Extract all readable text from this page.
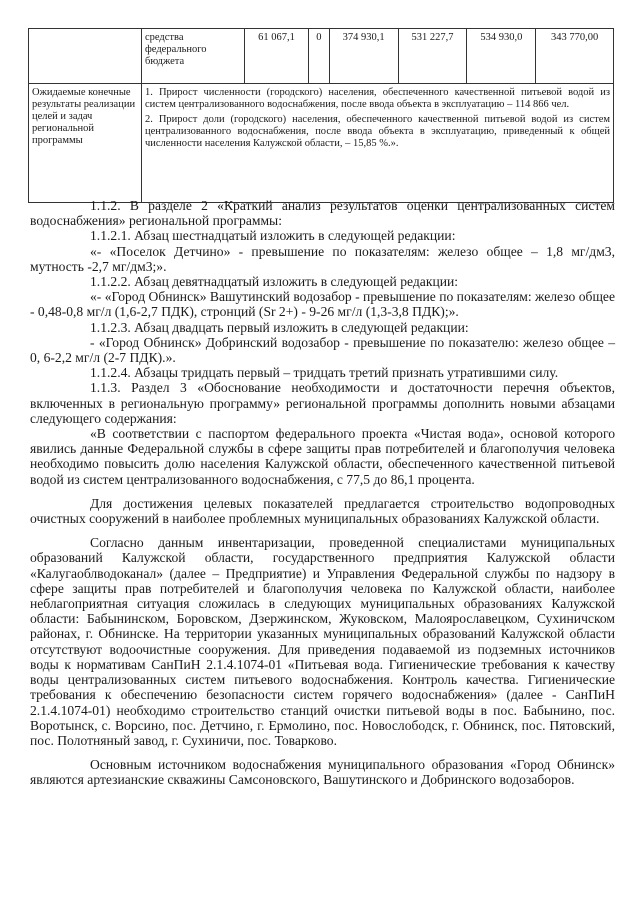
	средства федерального бюджета	61 067,1	0	374 930,1	531 227,7	534 930,0	343 770,00
Ожидаемые конечные результаты реализации целей и задач региональной программы	1. Прирост численности (городского) населения, обеспеченного качественной питьевой водой из систем централизованного водоснабжения, после ввода объекта в эксплуатацию – 114 866 чел.

2. Прирост доли (городского) населения, обеспеченного качественной питьевой водой из систем централизованного водоснабжения, после ввода объекта в эксплуатацию, приведенный к общей численности населения Калужской области, – 15,85 %.».						

1.1.2. В разделе 2 «Краткий анализ результатов оценки централизованных систем водоснабжения» региональной программы:

1.1.2.1. Абзац шестнадцатый изложить в следующей редакции:

«- «Поселок Детчино» - превышение по показателям: железо общее – 1,8 мг/дм3, мутность -2,7 мг/дм3;».

1.1.2.2. Абзац девятнадцатый изложить в следующей редакции:

«- «Город Обнинск» Вашутинский водозабор - превышение по показателям: железо общее - 0,48-0,8 мг/л (1,6-2,7 ПДК), стронций (Sr 2+) - 9-26 мг/л (1,3-3,8 ПДК);».

1.1.2.3. Абзац двадцать первый изложить в следующей редакции:

- «Город Обнинск» Добринский водозабор - превышение по показателю: железо общее – 0, 6-2,2 мг/л (2-7 ПДК).».

1.1.2.4. Абзацы тридцать первый – тридцать третий признать утратившими силу.

1.1.3. Раздел 3 «Обоснование необходимости и достаточности перечня объектов, включенных в региональную программу» региональной программы дополнить новыми абзацами следующего содержания:

«В соответствии с паспортом федерального проекта «Чистая вода», основой которого явились данные Федеральной службы в сфере защиты прав потребителей и благополучия человека необходимо повысить долю населения Калужской области, обеспеченного качественной питьевой водой из систем централизованного водоснабжения, с 77,5 до 86,1 процента.

Для достижения целевых показателей предлагается строительство водопроводных очистных сооружений в наиболее проблемных муниципальных образованиях Калужской области.

Согласно данным инвентаризации, проведенной специалистами муниципальных образований Калужской области, государственного предприятия Калужской области «Калугаоблводоканал» (далее – Предприятие) и Управления Федеральной службы по надзору в сфере защиты прав потребителей и благополучия человека по Калужской области, наиболее неблагоприятная ситуация сложилась в следующих муниципальных образованиях Калужской области: Бабынинском, Боровском, Дзержинском, Жуковском, Малоярославецком, Сухиничском районах, г. Обнинске. На территории указанных муниципальных образований Калужской области отсутствуют водоочистные сооружения. Для приведения подаваемой из подземных источников воды к нормативам СанПиН 2.1.4.1074-01 «Питьевая вода. Гигиенические требования к качеству воды централизованных систем питьевого водоснабжения. Контроль качества. Гигиенические требования к обеспечению безопасности систем горячего водоснабжения» (далее - СанПиН 2.1.4.1074-01) необходимо строительство станций очистки питьевой воды в пос. Бабынино, пос. Воротынск, с. Ворсино, пос. Детчино, г. Ермолино, пос. Новослободск, г. Обнинск, пос. Пятовский, пос. Полотняный завод, г. Сухиничи, пос. Товарково.

Основным источником водоснабжения муниципального образования «Город Обнинск» являются артезианские скважины Самсоновского, Вашутинского и Добринского водозаборов.
